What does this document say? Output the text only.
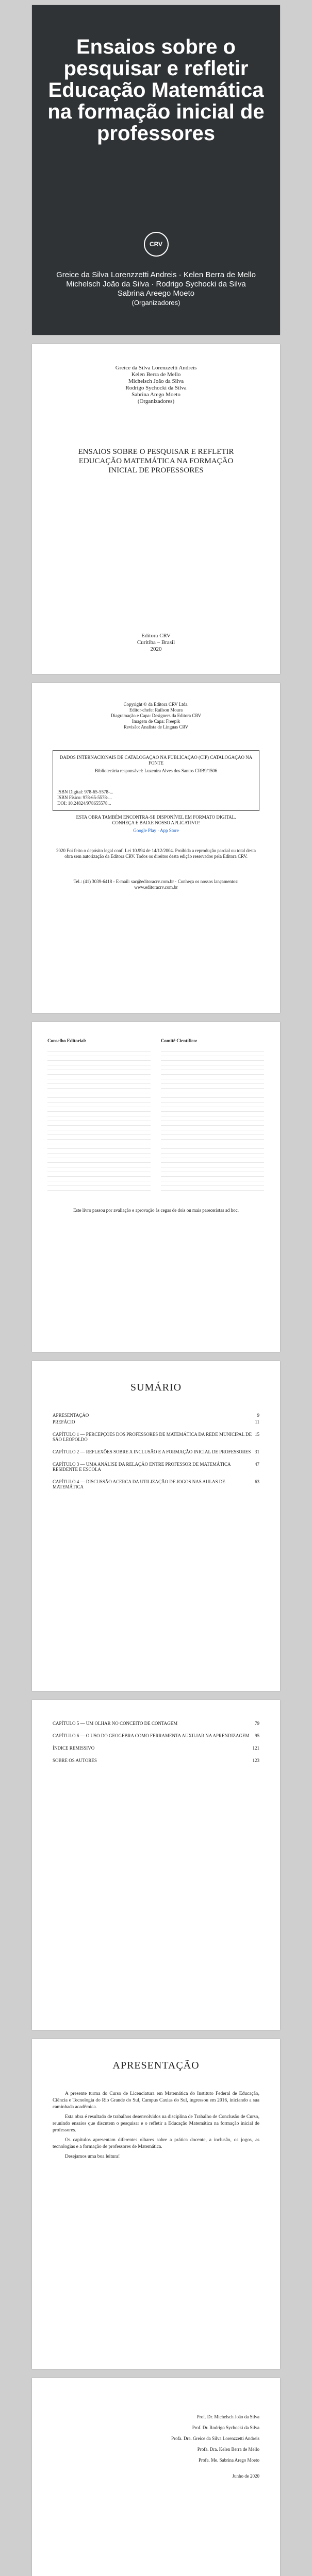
Ensaios sobre o pesquisar e refletir Educação Matemática na formação inicial de professores
CRV
Greice da Silva Lorenzzetti Andreis · Kelen Berra de Mello
Michelsch João da Silva · Rodrigo Sychocki da Silva
Sabrina Areego Moeto
(Organizadores)
Greice da Silva Lorenzzetti Andreis
Kelen Berra de Mello
Michelsch João da Silva
Rodrigo Sychocki da Silva
Sabrina Arego Moeto
(Organizadores)
ENSAIOS SOBRE O PESQUISAR E REFLETIR EDUCAÇÃO MATEMÁTICA NA FORMAÇÃO INICIAL DE PROFESSORES
Editora CRV
Curitiba – Brasil
2020
Copyright © da Editora CRV Ltda.
Editor-chefe: Railson Moura
Diagramação e Capa: Designers da Editora CRV
Imagem de Capa: Freepik
Revisão: Analista de Línguas CRV
DADOS INTERNACIONAIS DE CATALOGAÇÃO NA PUBLICAÇÃO (CIP) CATALOGAÇÃO NA FONTE
Bibliotecária responsável: Luzenira Alves dos Santos CRB9/1506
ISBN Digital: 978-65-5578-...
ISBN Físico: 978-65-5578-...
DOI: 10.24824/978655578...
ESTA OBRA TAMBÉM ENCONTRA-SE DISPONÍVEL EM FORMATO DIGITAL.
CONHEÇA E BAIXE NOSSO APLICATIVO!
Google Play · App Store
2020 Foi feito o depósito legal conf. Lei 10.994 de 14/12/2004. Proibida a reprodução parcial ou total desta obra sem autorização da Editora CRV. Todos os direitos desta edição reservados pela Editora CRV.
Tel.: (41) 3039-6418 - E-mail: sac@editoracrv.com.br · Conheça os nossos lançamentos: www.editoracrv.com.br
Conselho Editorial:	Comitê Científico:
Este livro passou por avaliação e aprovação às cegas de dois ou mais pareceristas ad hoc.
SUMÁRIO
APRESENTAÇÃO	9
PREFÁCIO	11
CAPÍTULO 1 — PERCEPÇÕES DOS PROFESSORES DE MATEMÁTICA DA REDE MUNICIPAL DE SÃO LEOPOLDO
15
CAPÍTULO 2 — REFLEXÕES SOBRE A INCLUSÃO E A FORMAÇÃO INICIAL DE PROFESSORES 31
CAPÍTULO 3 — UMA ANÁLISE DA RELAÇÃO ENTRE PROFESSOR DE MATEMÁTICA RESIDENTE E ESCOLA
47
CAPÍTULO 4 — DISCUSSÃO ACERCA DA UTILIZAÇÃO DE JOGOS NAS AULAS DE MATEMÁTICA
63
CAPÍTULO 5 — UM OLHAR NO CONCEITO DE CONTAGEM	79
CAPÍTULO 6 — O USO DO GEOGEBRA COMO FERRAMENTA AUXILIAR NA APRENDIZAGEM 95
ÍNDICE REMISSIVO	121
SOBRE OS AUTORES	123
APRESENTAÇÃO

A presente turma do Curso de Licenciatura em Matemática do Instituto Federal de Educação, Ciência e Tecnologia do Rio Grande do Sul, Campus Caxias do Sul, ingressou em 2016, iniciando a sua caminhada acadêmica.

Esta obra é resultado de trabalhos desenvolvidos na disciplina de Trabalho de Conclusão de Curso, reunindo ensaios que discutem o pesquisar e o refletir a Educação Matemática na formação inicial de professores.

Os capítulos apresentam diferentes olhares sobre a prática docente, a inclusão, os jogos, as tecnologias e a formação de professores de Matemática.

Desejamos uma boa leitura!

Prof. Dr. Michelsch João da Silva
Prof. Dr. Rodrigo Sychocki da Silva
Profa. Dra. Greice da Silva Lorenzzetti Andreis
Profa. Dra. Kelen Berra de Mello
Profa. Me. Sabrina Arego Moeto
Junho de 2020
